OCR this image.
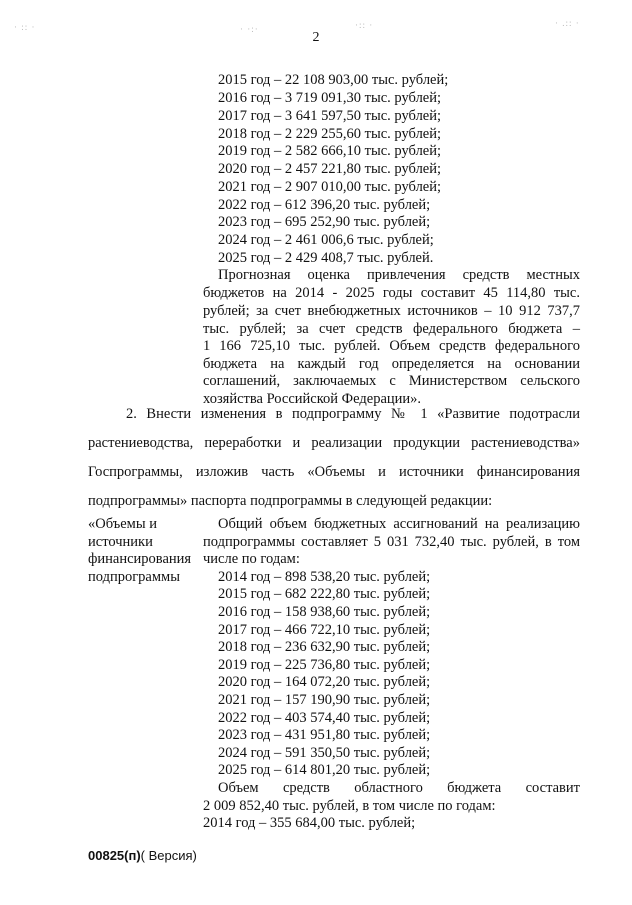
· :: ·	· ·:·	·:: ·	· .:: ·
2
2015 год – 22 108 903,00 тыс. рублей;
2016 год – 3 719 091,30 тыс. рублей;
2017 год – 3 641 597,50 тыс. рублей;
2018 год – 2 229 255,60 тыс. рублей;
2019 год – 2 582 666,10 тыс. рублей;
2020 год – 2 457 221,80 тыс. рублей;
2021 год – 2 907 010,00 тыс. рублей;
2022 год – 612 396,20 тыс. рублей;
2023 год – 695 252,90 тыс. рублей;
2024 год – 2 461 006,6 тыс. рублей;
2025 год – 2 429 408,7 тыс. рублей.
Прогнозная оценка привлечения средств местных
бюджетов на 2014 - 2025 годы составит 45 114,80 тыс.
рублей; за счет внебюджетных источников – 10 912 737,7
тыс. рублей; за счет средств федерального бюджета –
1 166 725,10 тыс. рублей. Объем средств федерального
бюджета на каждый год определяется на основании
соглашений, заключаемых с Министерством сельского
хозяйства Российской Федерации».
2. Внести изменения в подпрограмму № 1 «Развитие подотрасли
растениеводства, переработки и реализации продукции растениеводства»
Госпрограммы, изложив часть «Объемы и источники финансирования
подпрограммы» паспорта подпрограммы в следующей редакции:
«Объемы и
источники
финансирования
подпрограммы
Общий объем бюджетных ассигнований на реализацию
подпрограммы составляет 5 031 732,40 тыс. рублей, в том
числе по годам:
2014 год – 898 538,20 тыс. рублей;
2015 год – 682 222,80 тыс. рублей;
2016 год – 158 938,60 тыс. рублей;
2017 год – 466 722,10 тыс. рублей;
2018 год – 236 632,90 тыс. рублей;
2019 год – 225 736,80 тыс. рублей;
2020 год – 164 072,20 тыс. рублей;
2021 год – 157 190,90 тыс. рублей;
2022 год – 403 574,40 тыс. рублей;
2023 год – 431 951,80 тыс. рублей;
2024 год – 591 350,50 тыс. рублей;
2025 год – 614 801,20 тыс. рублей;
Объем средств областного бюджета составит
2 009 852,40 тыс. рублей, в том числе по годам:
2014 год – 355 684,00 тыс. рублей;
00825(п)( Версия)
